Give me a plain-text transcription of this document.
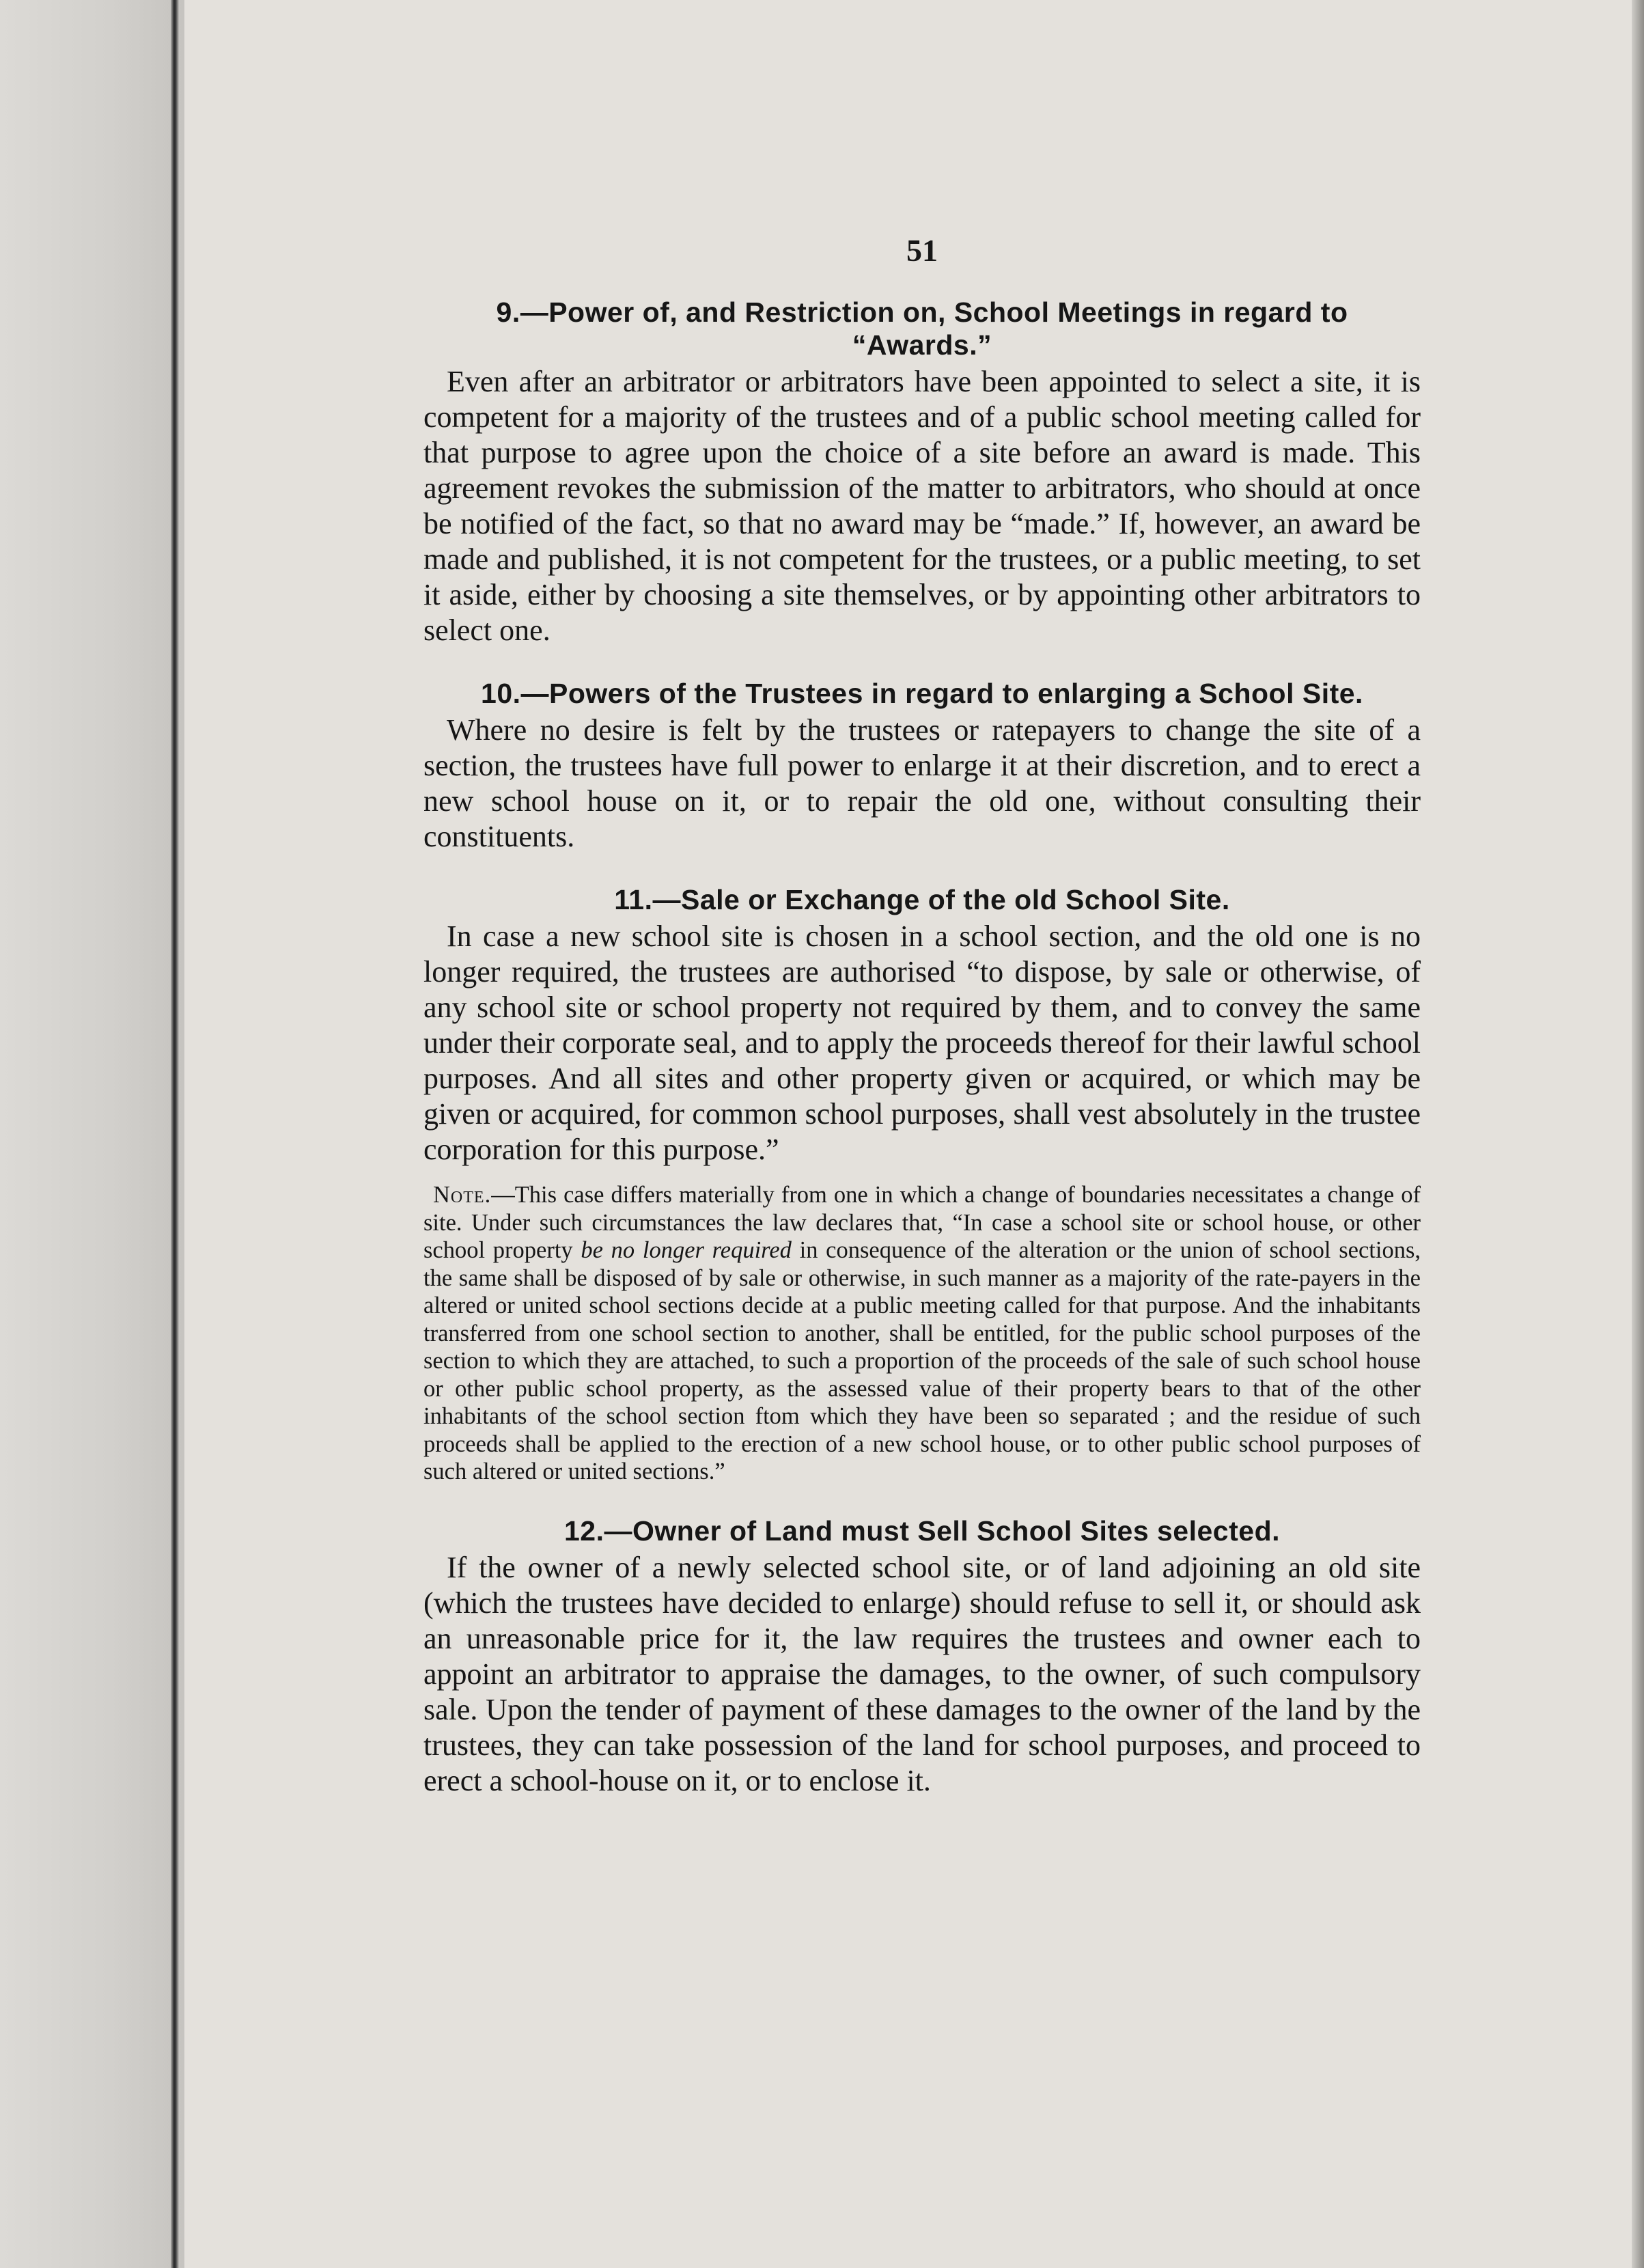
51
9.—Power of, and Restriction on, School Meetings in regard to “Awards.”

Even after an arbitrator or arbitrators have been appointed to select a site, it is competent for a majority of the trustees and of a public school meeting called for that purpose to agree upon the choice of a site before an award is made. This agreement revokes the submission of the matter to arbitrators, who should at once be notified of the fact, so that no award may be “made.” If, however, an award be made and published, it is not competent for the trustees, or a public meeting, to set it aside, either by choosing a site themselves, or by appointing other arbitrators to select one.

10.—Powers of the Trustees in regard to enlarging a School Site.

Where no desire is felt by the trustees or ratepayers to change the site of a section, the trustees have full power to enlarge it at their discretion, and to erect a new school house on it, or to repair the old one, without consulting their constituents.

11.—Sale or Exchange of the old School Site.

In case a new school site is chosen in a school section, and the old one is no longer required, the trustees are authorised “to dispose, by sale or otherwise, of any school site or school property not required by them, and to convey the same under their corporate seal, and to apply the proceeds thereof for their lawful school purposes. And all sites and other property given or acquired, or which may be given or acquired, for common school purposes, shall vest absolutely in the trustee corporation for this purpose.”

Note.—This case differs materially from one in which a change of boundaries necessitates a change of site. Under such circumstances the law declares that, “In case a school site or school house, or other school property be no longer required in consequence of the alteration or the union of school sections, the same shall be disposed of by sale or otherwise, in such manner as a majority of the rate-payers in the altered or united school sections decide at a public meeting called for that purpose. And the inhabitants transferred from one school section to another, shall be entitled, for the public school purposes of the section to which they are attached, to such a proportion of the proceeds of the sale of such school house or other public school property, as the assessed value of their property bears to that of the other inhabitants of the school section ftom which they have been so separated ; and the residue of such proceeds shall be applied to the erection of a new school house, or to other public school purposes of such altered or united sections.”

12.—Owner of Land must Sell School Sites selected.

If the owner of a newly selected school site, or of land adjoining an old site (which the trustees have decided to enlarge) should refuse to sell it, or should ask an unreasonable price for it, the law requires the trustees and owner each to appoint an arbitrator to appraise the damages, to the owner, of such compulsory sale. Upon the tender of payment of these damages to the owner of the land by the trustees, they can take possession of the land for school purposes, and proceed to erect a school-house on it, or to enclose it.
